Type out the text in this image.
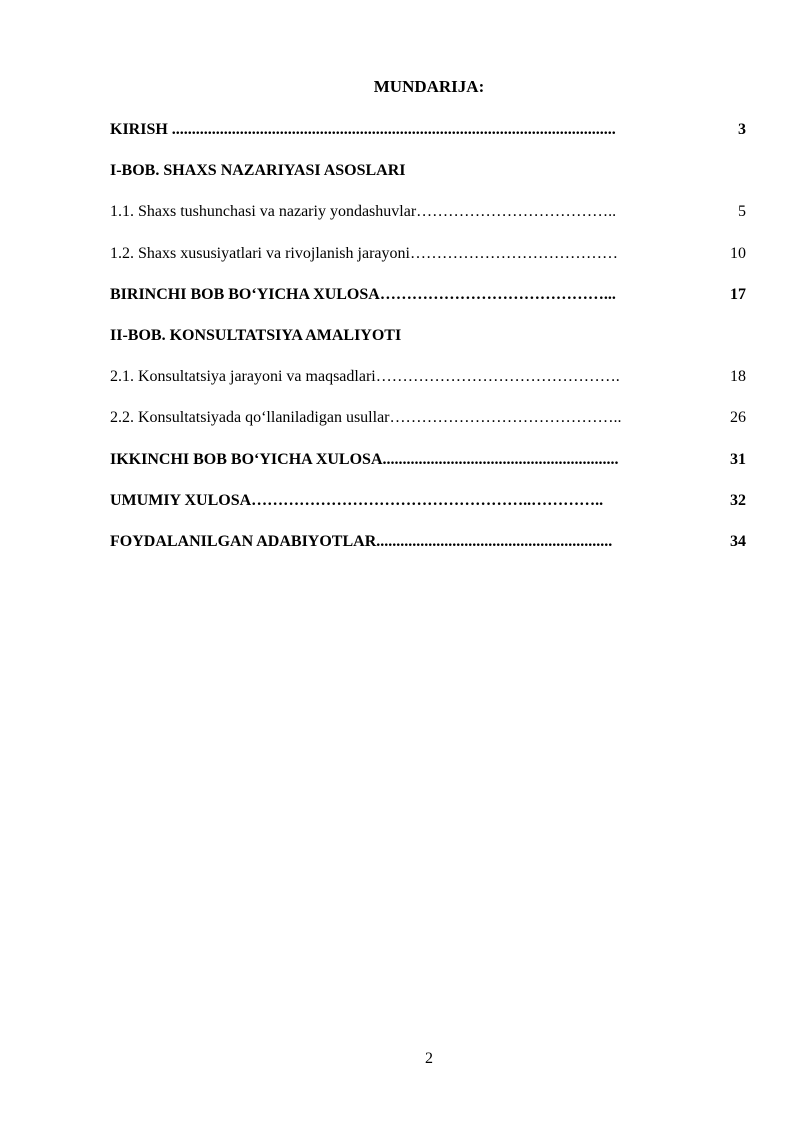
MUNDARIJA:
KIRISH ...............................................................................................................	3
I-BOB. SHAXS NAZARIYASI ASOSLARI
1.1. Shaxs tushunchasi va nazariy yondashuvlar………………………………..	5
1.2. Shaxs xususiyatlari va rivojlanish jarayoni…………………………………	10
BIRINCHI BOB BO‘YICHA XULOSA……………………………………...	17
II-BOB. KONSULTATSIYA AMALIYOTI
2.1. Konsultatsiya jarayoni va maqsadlari……………………………………….	18
2.2. Konsultatsiyada qo‘llaniladigan usullar……………………………………..	26
IKKINCHI BOB BO‘YICHA XULOSA...........................................................	31
UMUMIY XULOSA……………………………………………..…………..	32
FOYDALANILGAN ADABIYOTLAR...........................................................	34
2
